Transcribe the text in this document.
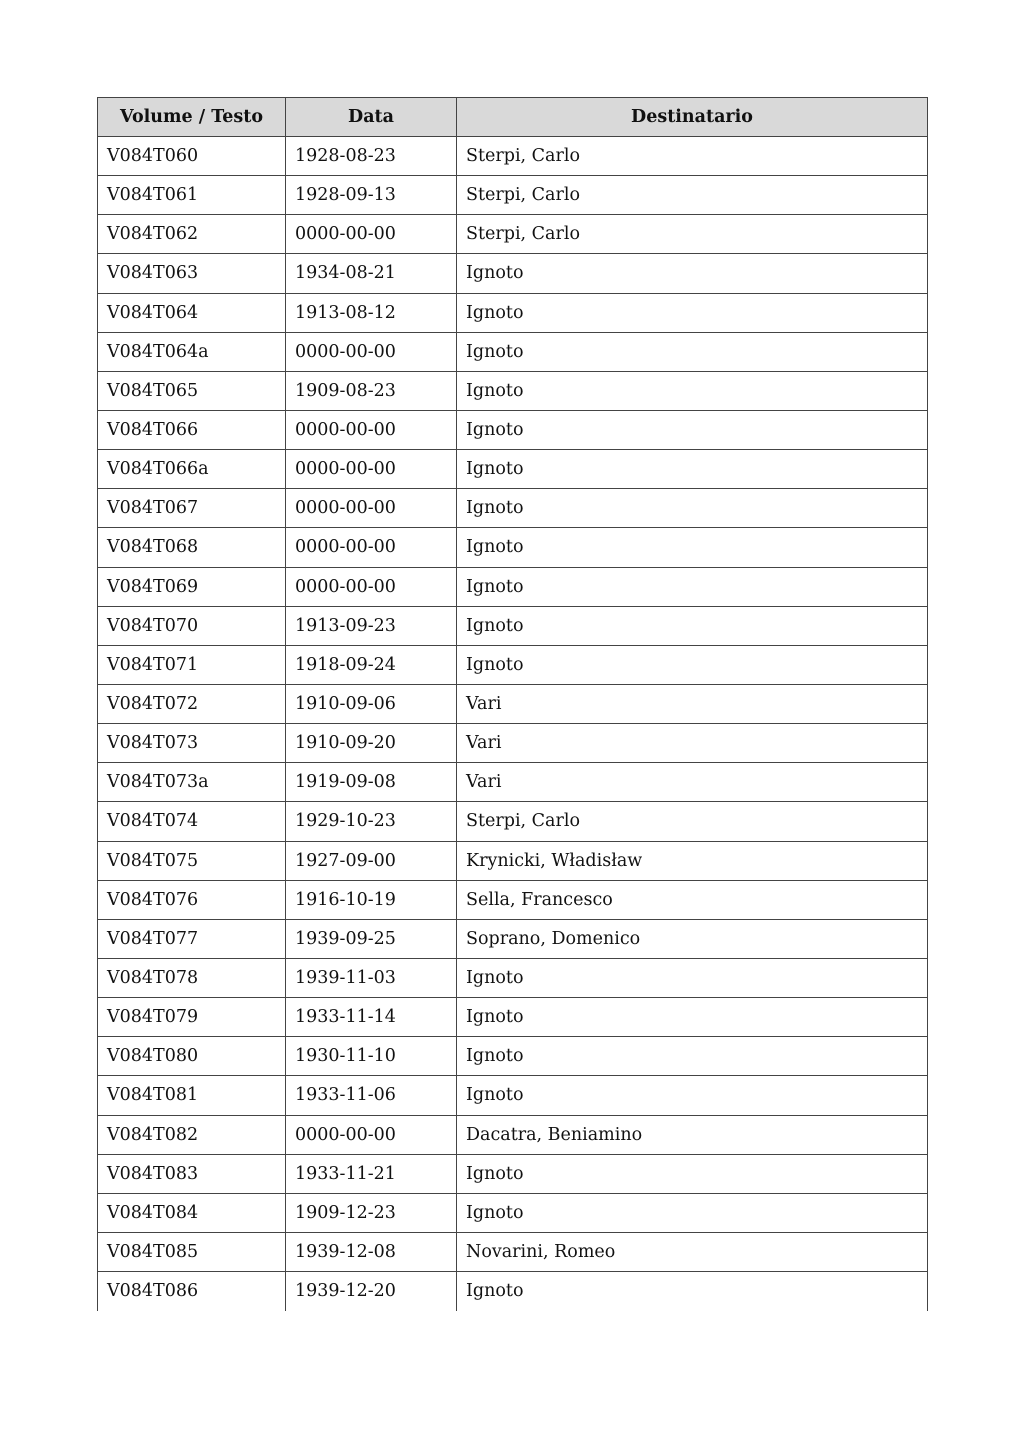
Volume / Testo	Data	Destinatario
V084T060	1928-08-23	Sterpi, Carlo
V084T061	1928-09-13	Sterpi, Carlo
V084T062	0000-00-00	Sterpi, Carlo
V084T063	1934-08-21	Ignoto
V084T064	1913-08-12	Ignoto
V084T064a	0000-00-00	Ignoto
V084T065	1909-08-23	Ignoto
V084T066	0000-00-00	Ignoto
V084T066a	0000-00-00	Ignoto
V084T067	0000-00-00	Ignoto
V084T068	0000-00-00	Ignoto
V084T069	0000-00-00	Ignoto
V084T070	1913-09-23	Ignoto
V084T071	1918-09-24	Ignoto
V084T072	1910-09-06	Vari
V084T073	1910-09-20	Vari
V084T073a	1919-09-08	Vari
V084T074	1929-10-23	Sterpi, Carlo
V084T075	1927-09-00	Krynicki, Władisław
V084T076	1916-10-19	Sella, Francesco
V084T077	1939-09-25	Soprano, Domenico
V084T078	1939-11-03	Ignoto
V084T079	1933-11-14	Ignoto
V084T080	1930-11-10	Ignoto
V084T081	1933-11-06	Ignoto
V084T082	0000-00-00	Dacatra, Beniamino
V084T083	1933-11-21	Ignoto
V084T084	1909-12-23	Ignoto
V084T085	1939-12-08	Novarini, Romeo
V084T086	1939-12-20	Ignoto
